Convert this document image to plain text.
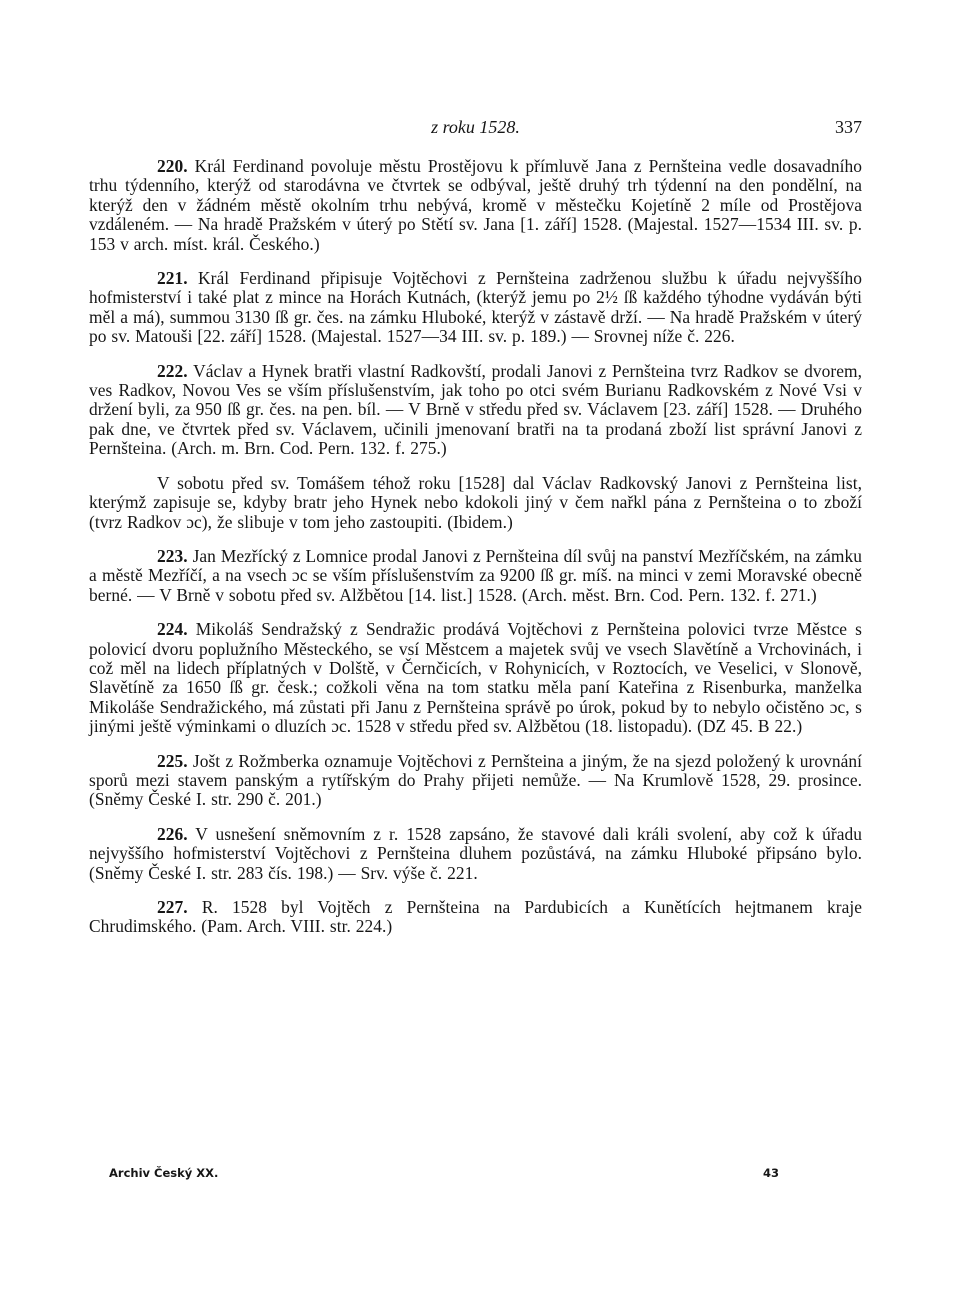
z roku 1528.	337

220. Král Ferdinand povoluje městu Prostějovu k přímluvě Jana z Pernšteina vedle dosavadního trhu týdenního, kterýž od starodávna ve čtvrtek se odbýval, ještě druhý trh týdenní na den pondělní, na kterýž den v žádném městě okolním trhu nebývá, kromě v městečku Kojetíně 2 míle od Prostějova vzdáleném. — Na hradě Pražském v úterý po Stětí sv. Jana [1. září] 1528. (Majestal. 1527—1534 III. sv. p. 153 v arch. míst. král. Českého.)

221. Král Ferdinand připisuje Vojtěchovi z Pernšteina zadrženou službu k úřadu nejvyššího hofmisterství i také plat z mince na Horách Kutnách, (kterýž jemu po 2½ ſß každého týhodne vydáván býti měl a má), summou 3130 ſß gr. čes. na zámku Hluboké, kterýž v zástavě drží. — Na hradě Pražském v úterý po sv. Matouši [22. září] 1528. (Majestal. 1527—34 III. sv. p. 189.) — Srovnej níže č. 226.

222. Václav a Hynek bratři vlastní Radkovští, prodali Janovi z Pernšteina tvrz Radkov se dvorem, ves Radkov, Novou Ves se vším příslušenstvím, jak toho po otci svém Burianu Radkovském z Nové Vsi v držení byli, za 950 ſß gr. čes. na pen. bíl. — V Brně v středu před sv. Václavem [23. září] 1528. — Druhého pak dne, ve čtvrtek před sv. Václavem, učinili jmenovaní bratři na ta prodaná zboží list správní Janovi z Pernšteina. (Arch. m. Brn. Cod. Pern. 132. f. 275.)

V sobotu před sv. Tomášem téhož roku [1528] dal Václav Radkovský Janovi z Pernšteina list, kterýmž zapisuje se, kdyby bratr jeho Hynek nebo kdokoli jiný v čem nařkl pána z Pernšteina o to zboží (tvrz Radkov ɔc), že slibuje v tom jeho zastoupiti. (Ibidem.)

223. Jan Mezřícký z Lomnice prodal Janovi z Pernšteina díl svůj na panství Mezříčském, na zámku a městě Mezříčí, a na vsech ɔc se vším příslušenstvím za 9200 ſß gr. míš. na minci v zemi Moravské obecně berné. — V Brně v sobotu před sv. Alžbětou [14. list.] 1528. (Arch. měst. Brn. Cod. Pern. 132. f. 271.)

224. Mikoláš Sendražský z Sendražic prodává Vojtěchovi z Pernšteina polovici tvrze Městce s polovicí dvoru poplužního Městeckého, se vsí Městcem a majetek svůj ve vsech Slavětíně a Vrchovinách, i což měl na lidech příplatných v Dolště, v Černčicích, v Rohynicích, v Roztocích, ve Veselici, v Slonově, Slavětíně za 1650 ſß gr. česk.; cožkoli věna na tom statku měla paní Kateřina z Risenburka, manželka Mikoláše Sendražického, má zůstati při Janu z Pernšteina správě po úrok, pokud by to nebylo očistěno ɔc, s jinými ještě výminkami o dluzích ɔc. 1528 v středu před sv. Alžbětou (18. listopadu). (DZ 45. B 22.)

225. Jošt z Rožmberka oznamuje Vojtěchovi z Pernšteina a jiným, že na sjezd položený k urovnání sporů mezi stavem panským a rytířským do Prahy přijeti nemůže. — Na Krumlově 1528, 29. prosince. (Sněmy České I. str. 290 č. 201.)

226. V usnešení sněmovním z r. 1528 zapsáno, že stavové dali králi svolení, aby což k úřadu nejvyššího hofmisterství Vojtěchovi z Pernšteina dluhem pozůstává, na zámku Hluboké připsáno bylo. (Sněmy České I. str. 283 čís. 198.) — Srv. výše č. 221.

227. R. 1528 byl Vojtěch z Pernšteina na Pardubicích a Kunětících hejtmanem kraje Chrudimského. (Pam. Arch. VIII. str. 224.)

Archiv Český XX.	43
